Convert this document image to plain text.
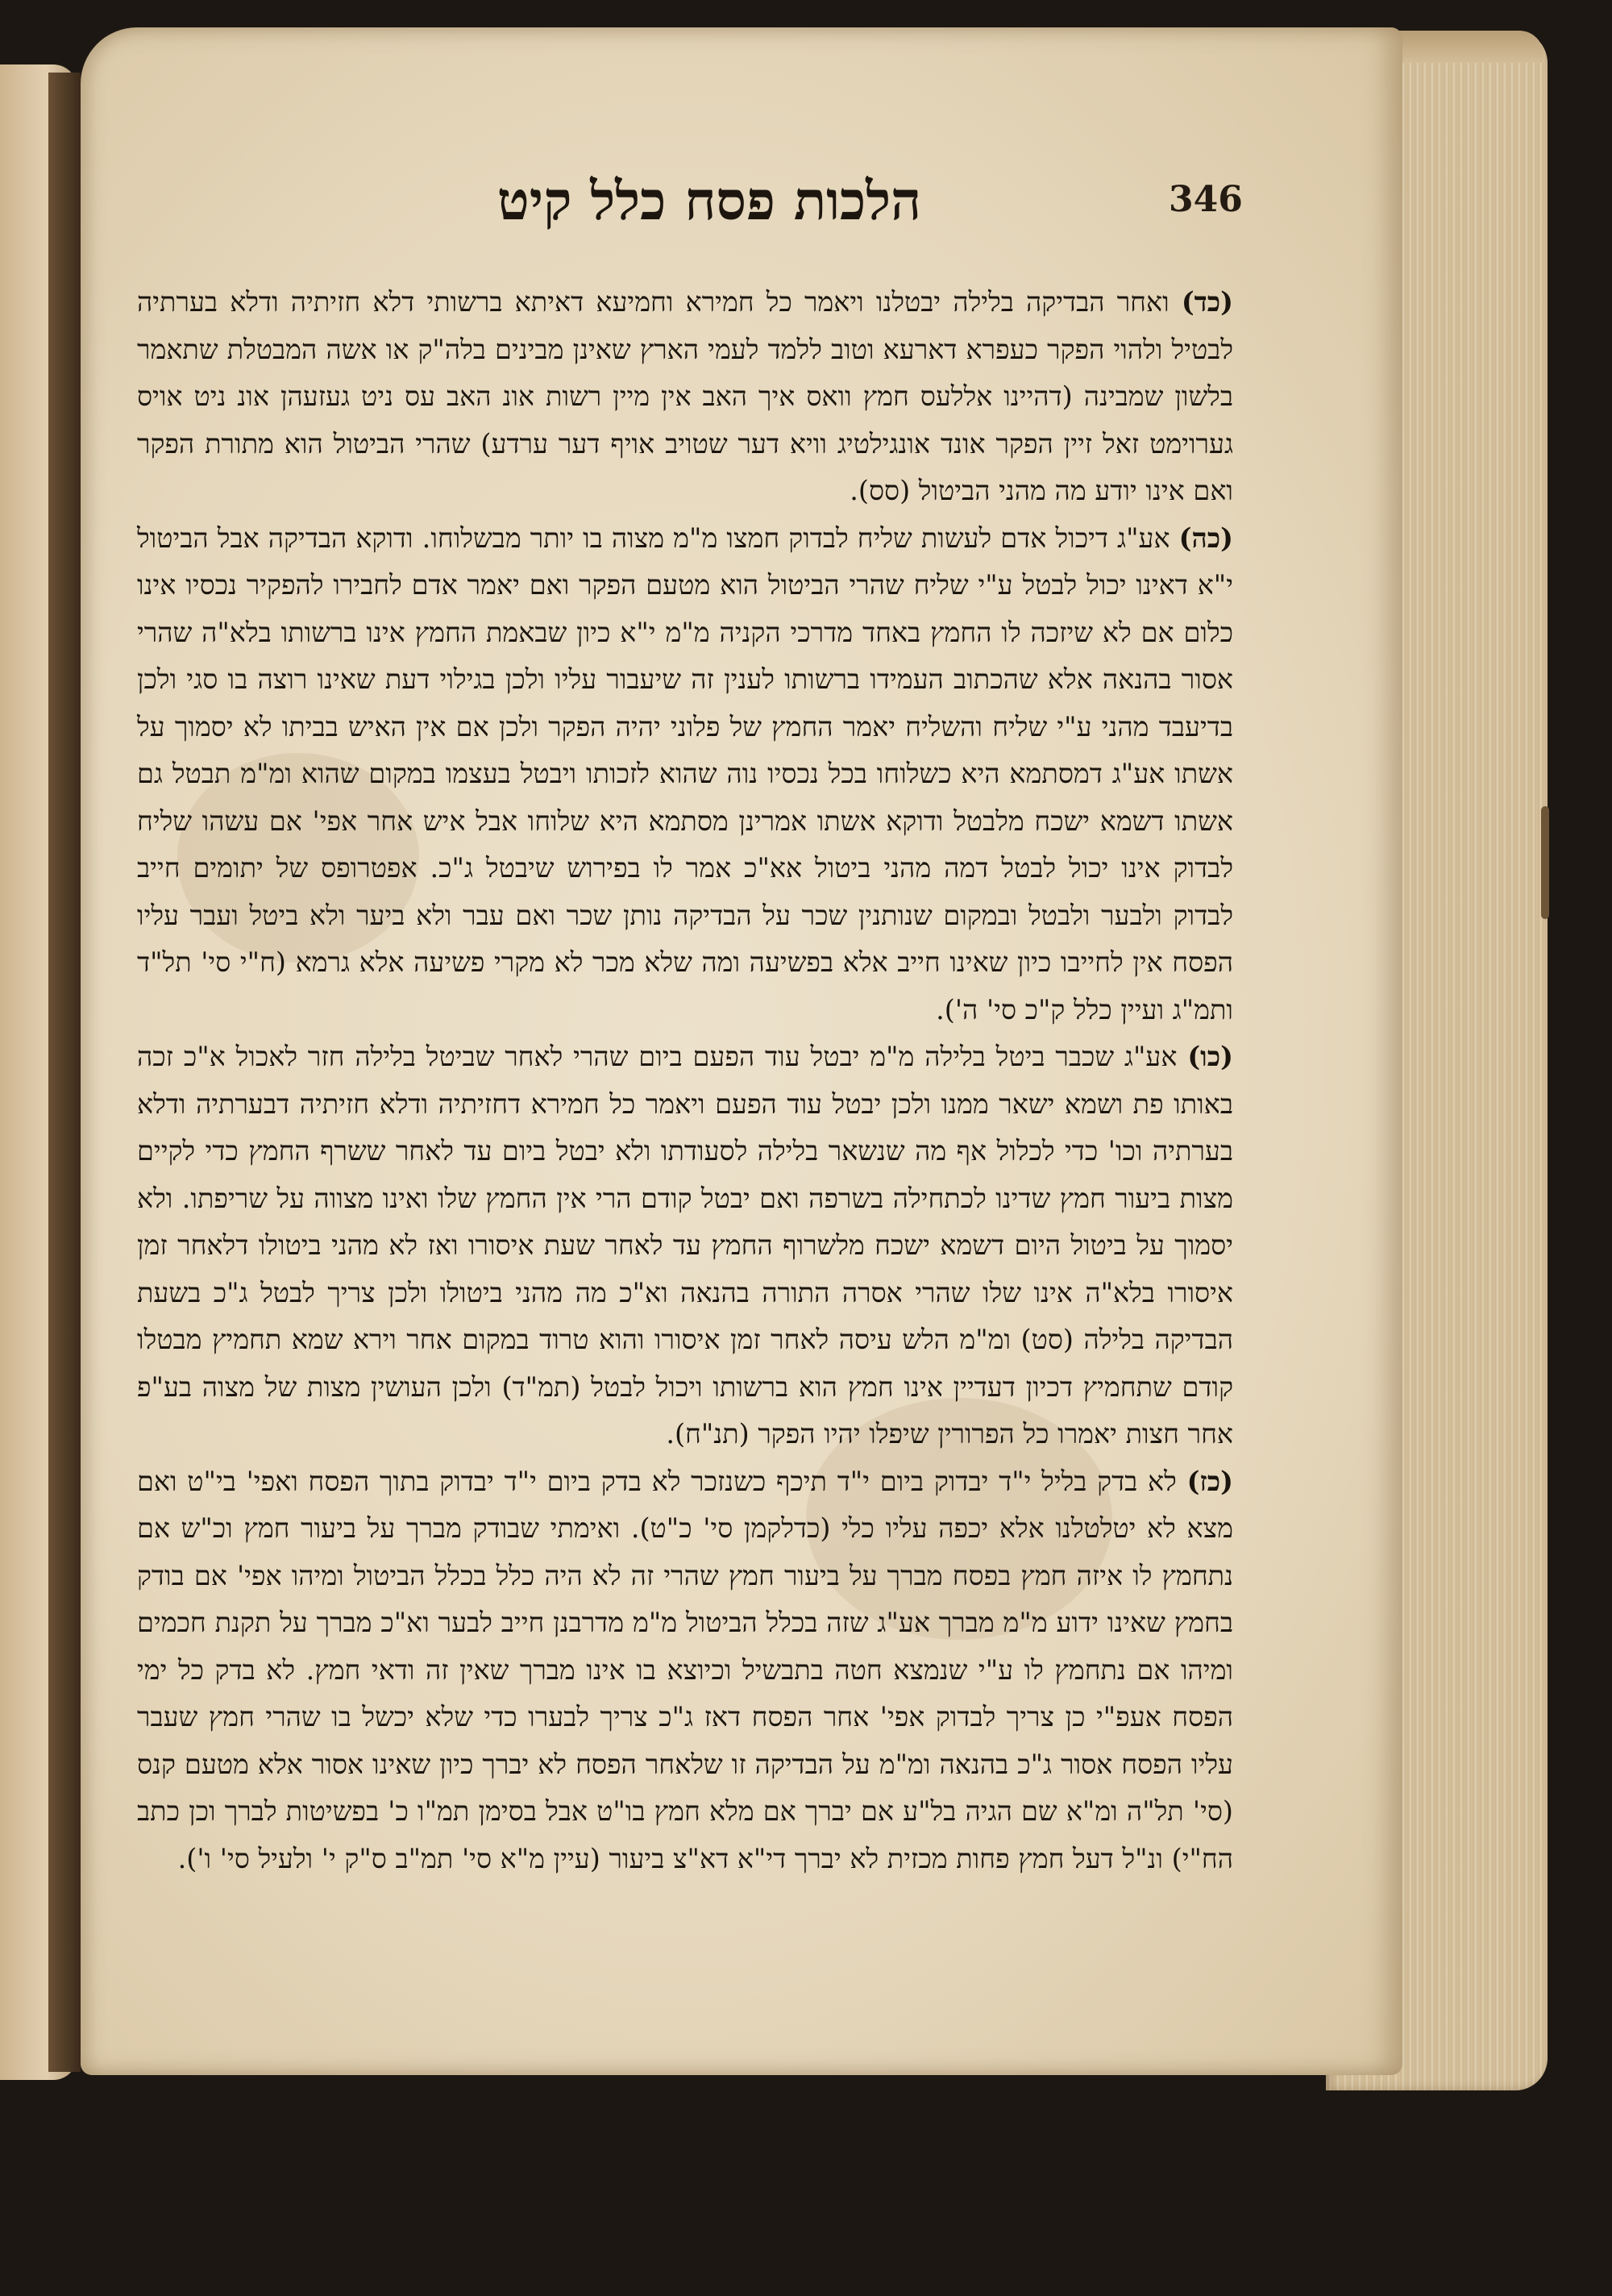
הלכות פסח כלל קיט	346

(כד) ואחר הבדיקה בלילה יבטלנו ויאמר כל חמירא וחמיעא דאיתא ברשותי דלא חזיתיה ודלא בערתיה לבטיל ולהוי הפקר כעפרא דארעא וטוב ללמד לעמי הארץ שאינן מבינים בלה"ק או אשה המבטלת שתאמר בלשון שמבינה (דהיינו אללעס חמץ וואס איך האב אין מיין רשות אונ האב עס ניט געזעהן אונ ניט אויס גערוימט זאל זיין הפקר אונד אונגילטיג וויא דער שטויב אויף דער ערדע) שהרי הביטול הוא מתורת הפקר ואם אינו יודע מה מהני הביטול (סס).

(כה) אע"ג דיכול אדם לעשות שליח לבדוק חמצו מ"מ מצוה בו יותר מבשלוחו. ודוקא הבדיקה אבל הביטול י"א דאינו יכול לבטל ע"י שליח שהרי הביטול הוא מטעם הפקר ואם יאמר אדם לחבירו להפקיר נכסיו אינו כלום אם לא שיזכה לו החמץ באחד מדרכי הקניה מ"מ י"א כיון שבאמת החמץ אינו ברשותו בלא"ה שהרי אסור בהנאה אלא שהכתוב העמידו ברשותו לענין זה שיעבור עליו ולכן בגילוי דעת שאינו רוצה בו סגי ולכן בדיעבד מהני ע"י שליח והשליח יאמר החמץ של פלוני יהיה הפקר ולכן אם אין האיש בביתו לא יסמוך על אשתו אע"ג דמסתמא היא כשלוחו בכל נכסיו נוה שהוא לזכותו ויבטל בעצמו במקום שהוא ומ"מ תבטל גם אשתו דשמא ישכח מלבטל ודוקא אשתו אמרינן מסתמא היא שלוחו אבל איש אחר אפי' אם עשהו שליח לבדוק אינו יכול לבטל דמה מהני ביטול אא"כ אמר לו בפירוש שיבטל ג"כ. אפטרופס של יתומים חייב לבדוק ולבער ולבטל ובמקום שנותנין שכר על הבדיקה נותן שכר ואם עבר ולא ביער ולא ביטל ועבר עליו הפסח אין לחייבו כיון שאינו חייב אלא בפשיעה ומה שלא מכר לא מקרי פשיעה אלא גרמא (ח"י סי' תל"ד ותמ"ג ועיין כלל ק"כ סי' ה').

(כו) אע"ג שכבר ביטל בלילה מ"מ יבטל עוד הפעם ביום שהרי לאחר שביטל בלילה חזר לאכול א"כ זכה באותו פת ושמא ישאר ממנו ולכן יבטל עוד הפעם ויאמר כל חמירא דחזיתיה ודלא חזיתיה דבערתיה ודלא בערתיה וכו' כדי לכלול אף מה שנשאר בלילה לסעודתו ולא יבטל ביום עד לאחר ששרף החמץ כדי לקיים מצות ביעור חמץ שדינו לכתחילה בשרפה ואם יבטל קודם הרי אין החמץ שלו ואינו מצווה על שריפתו. ולא יסמוך על ביטול היום דשמא ישכח מלשרוף החמץ עד לאחר שעת איסורו ואז לא מהני ביטולו דלאחר זמן איסורו בלא"ה אינו שלו שהרי אסרה התורה בהנאה וא"כ מה מהני ביטולו ולכן צריך לבטל ג"כ בשעת הבדיקה בלילה (סט) ומ"מ הלש עיסה לאחר זמן איסורו והוא טרוד במקום אחר וירא שמא תחמיץ מבטלו קודם שתחמיץ דכיון דעדיין אינו חמץ הוא ברשותו ויכול לבטל (תמ"ד) ולכן העושין מצות של מצוה בע"פ אחר חצות יאמרו כל הפרורין שיפלו יהיו הפקר (תנ"ח).

(כז) לא בדק בליל י"ד יבדוק ביום י"ד תיכף כשנזכר לא בדק ביום י"ד יבדוק בתוך הפסח ואפי' בי"ט ואם מצא לא יטלטלנו אלא יכפה עליו כלי (כדלקמן סי' כ"ט). ואימתי שבודק מברך על ביעור חמץ וכ"ש אם נתחמץ לו איזה חמץ בפסח מברך על ביעור חמץ שהרי זה לא היה כלל בכלל הביטול ומיהו אפי' אם בודק בחמץ שאינו ידוע מ"מ מברך אע"ג שזה בכלל הביטול מ"מ מדרבנן חייב לבער וא"כ מברך על תקנת חכמים ומיהו אם נתחמץ לו ע"י שנמצא חטה בתבשיל וכיוצא בו אינו מברך שאין זה ודאי חמץ. לא בדק כל ימי הפסח אעפ"י כן צריך לבדוק אפי' אחר הפסח דאז ג"כ צריך לבערו כדי שלא יכשל בו שהרי חמץ שעבר עליו הפסח אסור ג"כ בהנאה ומ"מ על הבדיקה זו שלאחר הפסח לא יברך כיון שאינו אסור אלא מטעם קנס (סי' תל"ה ומ"א שם הגיה בל"ע אם יברך אם מלא חמץ בו"ט אבל בסימן תמ"ו כ' בפשיטות לברך וכן כתב הח"י) ונ"ל דעל חמץ פחות מכזית לא יברך די"א דא"צ ביעור (עיין מ"א סי' תמ"ב ס"ק י' ולעיל סי' ו').
